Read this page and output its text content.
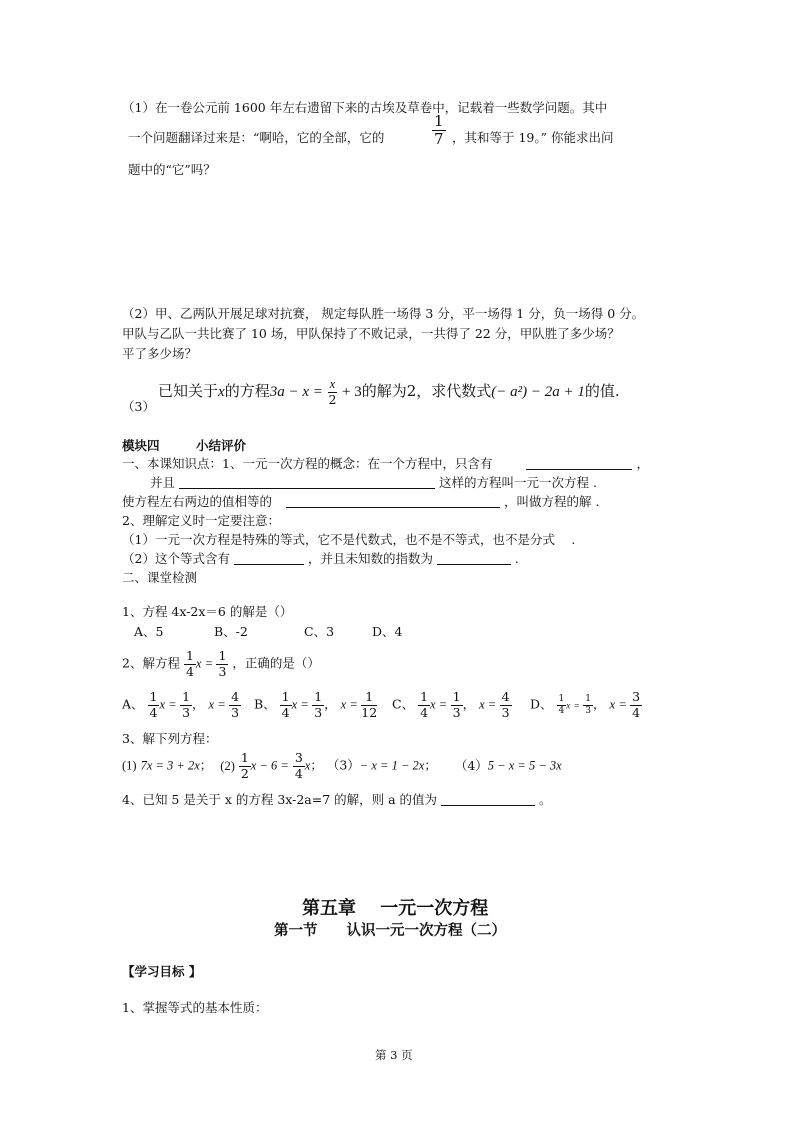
（1）在一卷公元前 1600 年左右遗留下来的古埃及草卷中，记载着一些数学问题。其中
一个问题翻译过来是：“啊哈，它的全部，它的	$\frac{1}{7}$ ，其和等于 19。” 你能求出问
题中的“它”吗？
（2）甲、乙两队开展足球对抗赛， 规定每队胜一场得 3 分，平一场得 1 分，负一场得 0 分。
甲队与乙队一共比赛了 10 场，甲队保持了不败记录，一共得了 22 分，甲队胜了多少场？
平了多少场？
（3）
已知关于x的方程$3a - x = \frac{x}{2} + 3$的解为2，求代数式(− a²) − 2a + 1的值.
模块四	小结评价
一、本课知识点：1、一元一次方程的概念：在一个方程中，只含有	，
并且	这样的方程叫一元一次方程 .
使方程左右两边的值相等的	，叫做方程的解 .
2、理解定义时一定要注意：
（1）一元一次方程是特殊的等式，它不是代数式，也不是不等式，也不是分式　 .
（2）这个等式含有	，并且未知数的指数为	.
二、课堂检测
1、方程 4x-2x＝6 的解是（）
A、5	B、-2	C、3	D、4
2、解方程 $\frac{1}{4}$ $x = \frac{1}{3}$ ，正确的是（）
A、 $\frac{1}{4}$ $x = \frac{1}{3}$ ， $x = \frac{4}{3}$ B、 $\frac{1}{4}$ $x = \frac{1}{3}$ ， $x = \frac{1}{12}$ C、 $\frac{1}{4}$ $x = \frac{1}{3}$ ， $x = \frac{4}{3}$ D、 $\frac{1}{4}$ $x = \frac{1}{3}$ ， $x = \frac{3}{4}$
3、解下列方程：
(1) 7x = 3 + 2x； $(2) \frac{1}{2}$ $x - 6 = \frac{3}{4}$ x； （3）− x = 1 − 2x； （4）5 − x = 5 − 3x
4、已知 5 是关于 x 的方程 3x-2a=7 的解，则 a 的值为	。
第五章　 一元一次方程
第一节　　认识一元一次方程（二）
【学习目标 】
1、掌握等式的基本性质：
第 3 页
